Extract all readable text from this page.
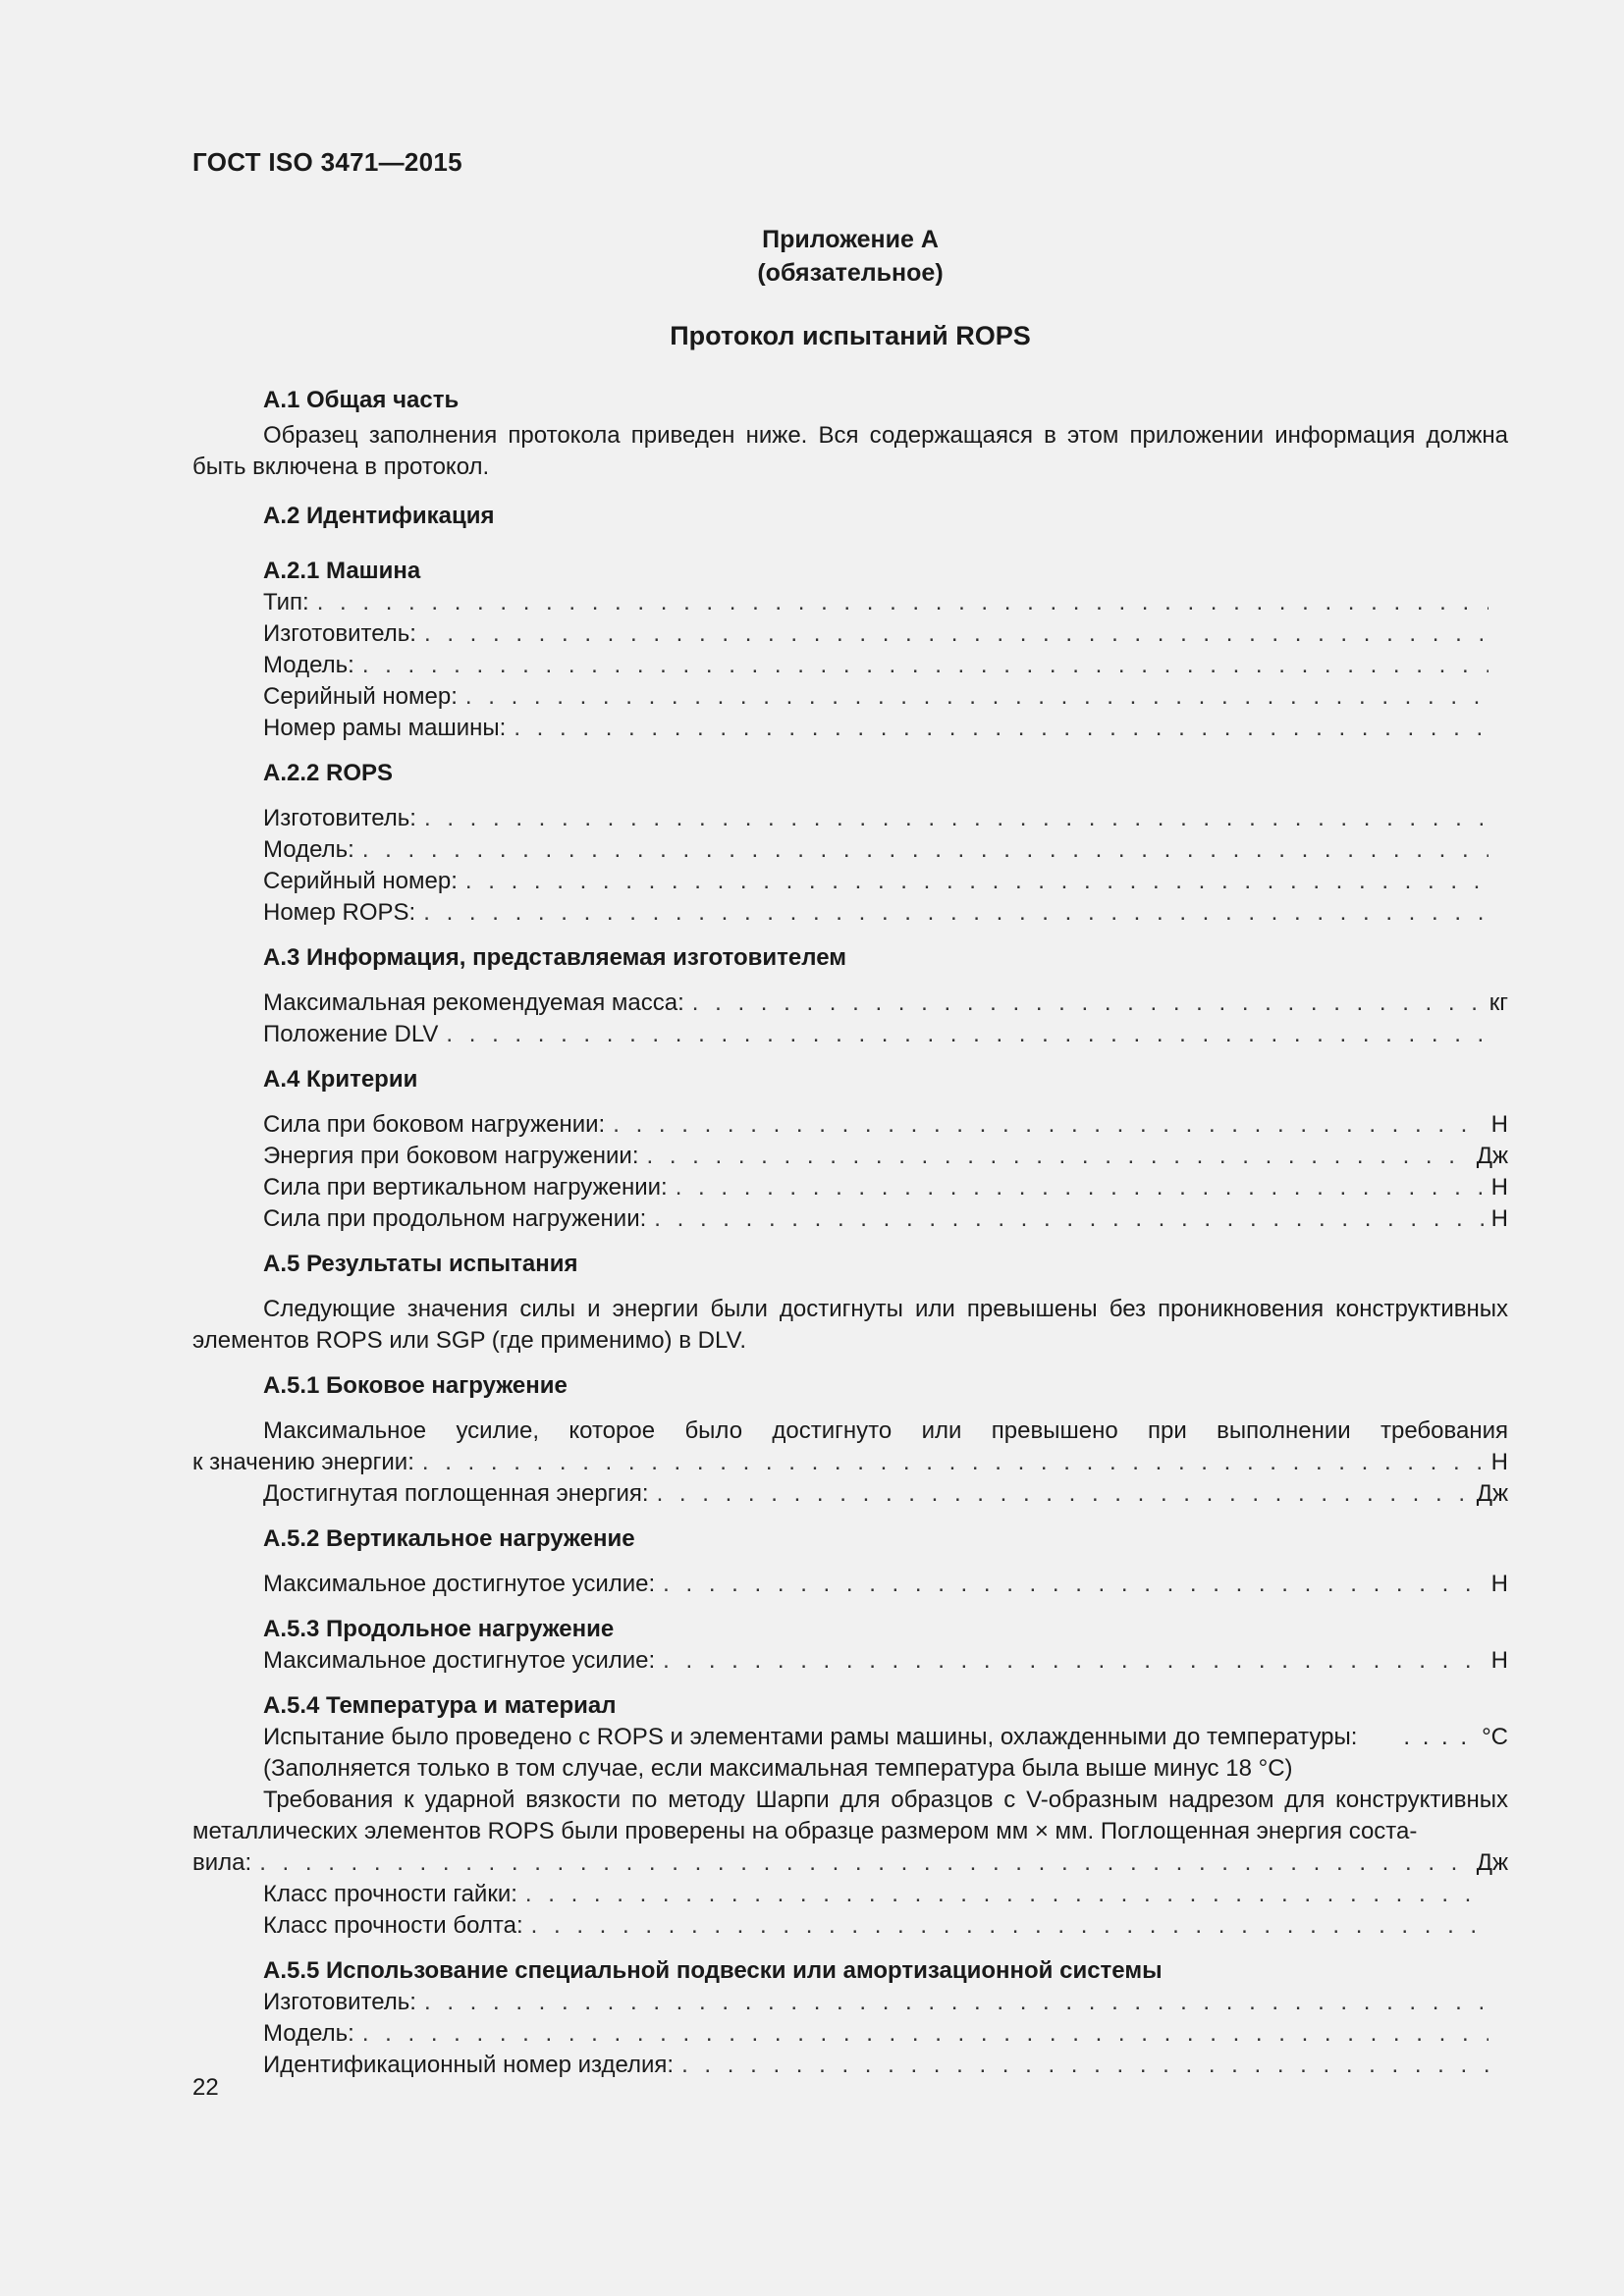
ГОСТ ISO 3471—2015
Приложение А
(обязательное)
Протокол испытаний ROPS
А.1 Общая часть

Образец заполнения протокола приведен ниже. Вся содержащаяся в этом приложении информация должна быть включена в протокол.

А.2 Идентификация
А.2.1 Машина
Тип:
. . .
Изготовитель:
. . .
Модель:
. . .
Серийный номер:
. . .
Номер рамы машины:
. . .
А.2.2 ROPS
Изготовитель:
. . .
Модель:
. . .
Серийный номер:
. . .
Номер ROPS:
. . .
А.3 Информация, представляемая изготовителем
Максимальная рекомендуемая масса: . . .	кг
Положение DLV
. . .
А.4 Критерии
Сила при боковом нагружении: . . .	Н
Энергия при боковом нагружении: . . .	Дж
Сила при вертикальном нагружении: . . .	Н
Сила при продольном нагружении: . . .	Н
А.5 Результаты испытания

Следующие значения силы и энергии были достигнуты или превышены без проникновения конструктивных элементов ROPS или SGP (где применимо) в DLV.

А.5.1 Боковое нагружение

Максимальное усилие, которое было достигнуто или превышено при выполнении требования

к значению энергии: . . .	Н
Достигнутая поглощенная энергия: . . .	Дж
А.5.2 Вертикальное нагружение
Максимальное достигнутое усилие: . . .	Н
А.5.3 Продольное нагружение
Максимальное достигнутое усилие: . . .	Н
А.5.4 Температура и материал
Испытание было проведено с ROPS и элементами рамы машины, охлажденными до температуры: . . . . °С
(Заполняется только в том случае, если максимальная температура была выше минус 18 °С)

Требования к ударной вязкости по методу Шарпи для образцов с V-образным надрезом для конструктивных металлических элементов ROPS были проверены на образце размером мм × мм. Поглощенная энергия соста-

вила: . . .	Дж
Класс прочности гайки:
. . .
Класс прочности болта:
. . .
А.5.5 Использование специальной подвески или амортизационной системы
Изготовитель:
. . .
Модель:
. . .
Идентификационный номер изделия:
. . .
22
